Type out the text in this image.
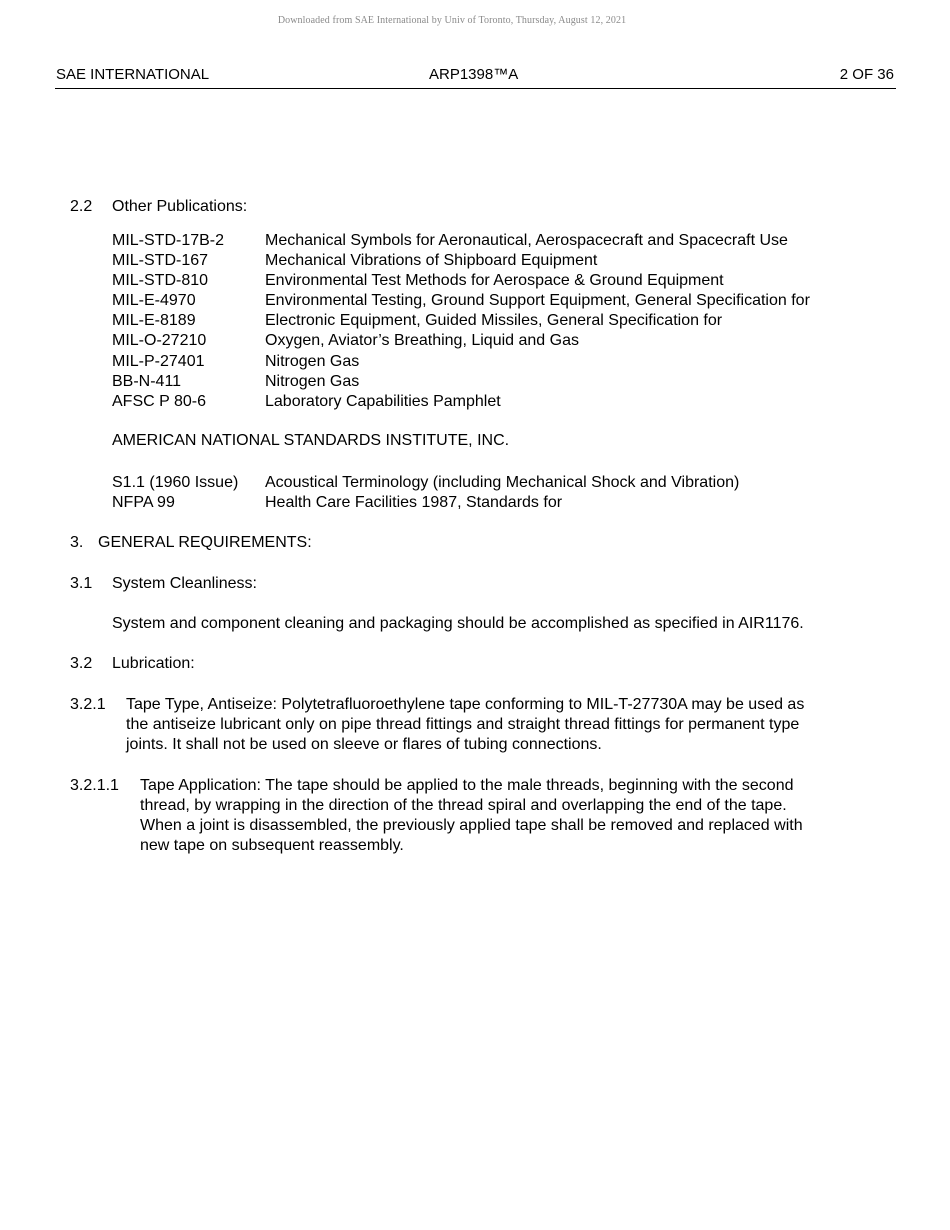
Downloaded from SAE International by Univ of Toronto, Thursday, August 12, 2021
SAE INTERNATIONAL	ARP1398™A	2 OF 36
2.2 Other Publications:
MIL-STD-17B-2	Mechanical Symbols for Aeronautical, Aerospacecraft and Spacecraft Use
MIL-STD-167	Mechanical Vibrations of Shipboard Equipment
MIL-STD-810	Environmental Test Methods for Aerospace & Ground Equipment
MIL-E-4970	Environmental Testing, Ground Support Equipment, General Specification for
MIL-E-8189	Electronic Equipment, Guided Missiles, General Specification for
MIL-O-27210	Oxygen, Aviator’s Breathing, Liquid and Gas
MIL-P-27401	Nitrogen Gas
BB-N-411	Nitrogen Gas
AFSC P 80-6	Laboratory Capabilities Pamphlet
AMERICAN NATIONAL STANDARDS INSTITUTE, INC.
S1.1 (1960 Issue) Acoustical Terminology (including Mechanical Shock and Vibration)
NFPA 99	Health Care Facilities 1987, Standards for
3. GENERAL REQUIREMENTS:
3.1 System Cleanliness:
System and component cleaning and packaging should be accomplished as specified in AIR1176.
3.2 Lubrication:
3.2.1 Tape Type, Antiseize: Polytetrafluoroethylene tape conforming to MIL-T-27730A may be used as
the antiseize lubricant only on pipe thread fittings and straight thread fittings for permanent type
joints. It shall not be used on sleeve or flares of tubing connections.
3.2.1.1 Tape Application: The tape should be applied to the male threads, beginning with the second
thread, by wrapping in the direction of the thread spiral and overlapping the end of the tape.
When a joint is disassembled, the previously applied tape shall be removed and replaced with
new tape on subsequent reassembly.
